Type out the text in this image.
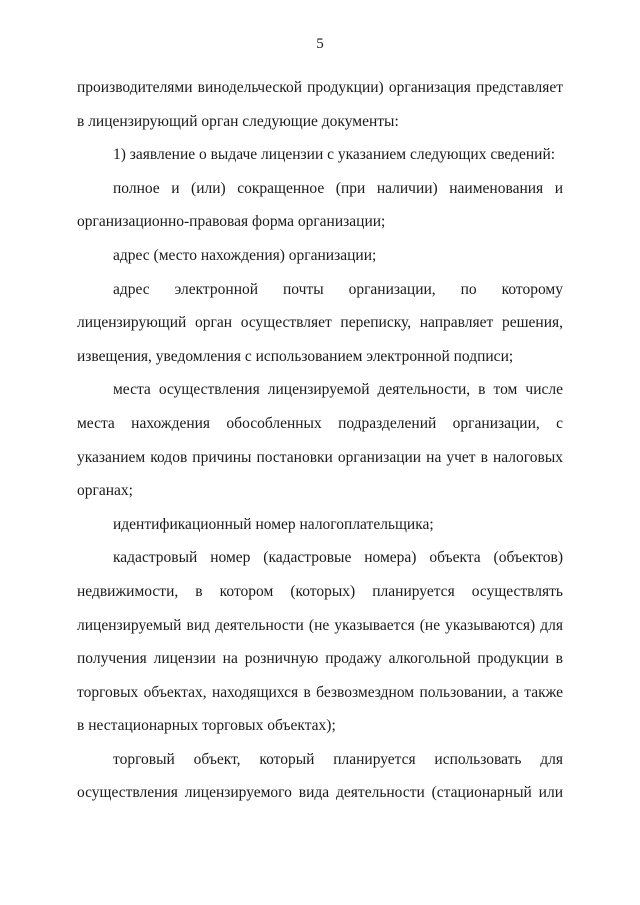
5

производителями винодельческой продукции) организация представляет в лицензирующий орган следующие документы:

1) заявление о выдаче лицензии с указанием следующих сведений:

полное и (или) сокращенное (при наличии) наименования и организационно-правовая форма организации;

адрес (место нахождения) организации;

адрес электронной почты организации, по которому лицензирующий орган осуществляет переписку, направляет решения, извещения, уведомления с использованием электронной подписи;

места осуществления лицензируемой деятельности, в том числе места нахождения обособленных подразделений организации, с указанием кодов причины постановки организации на учет в налоговых органах;

идентификационный номер налогоплательщика;

кадастровый номер (кадастровые номера) объекта (объектов) недвижимости, в котором (которых) планируется осуществлять лицензируемый вид деятельности (не указывается (не указываются) для получения лицензии на розничную продажу алкогольной продукции в торговых объектах, находящихся в безвозмездном пользовании, а также в нестационарных торговых объектах);

торговый объект, который планируется использовать для осуществления лицензируемого вида деятельности (стационарный или
